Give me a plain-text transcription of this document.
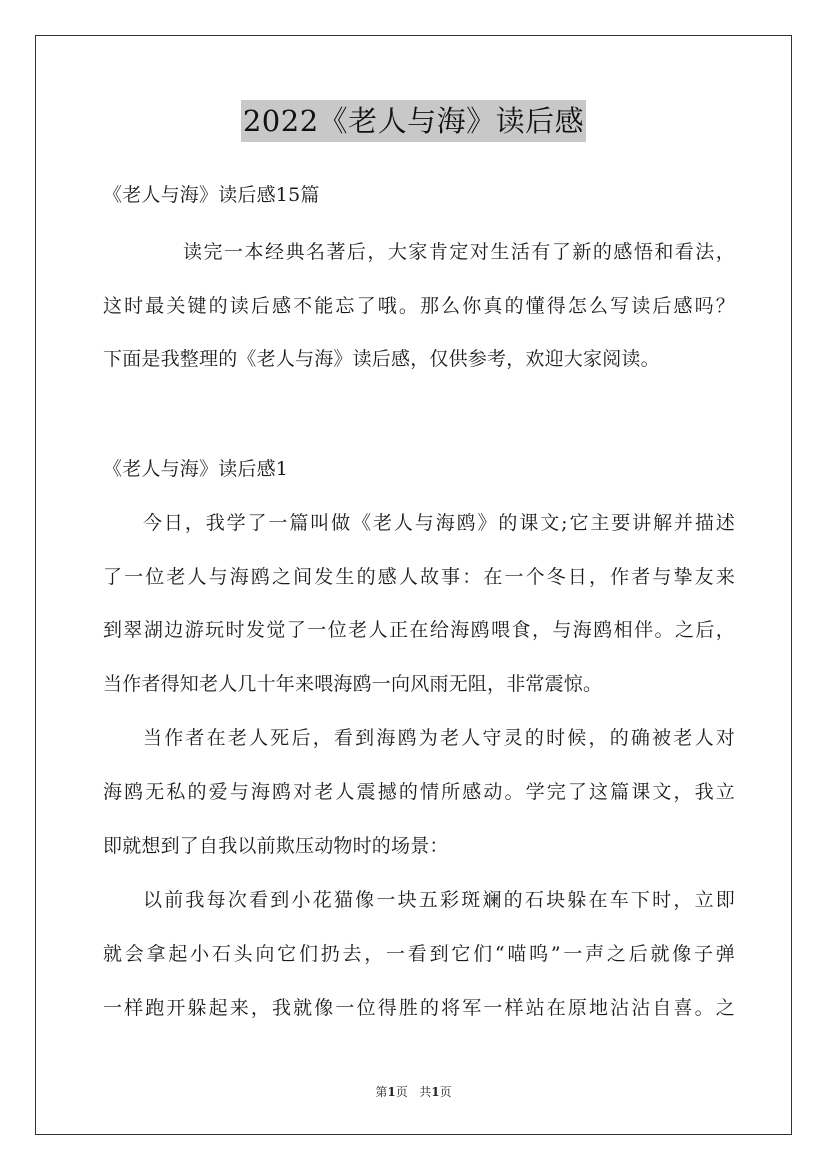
2022《老人与海》读后感
《老人与海》读后感15篇
读完一本经典名著后，大家肯定对生活有了新的感悟和看法，
这时最关键的读后感不能忘了哦。那么你真的懂得怎么写读后感吗？
下面是我整理的《老人与海》读后感，仅供参考，欢迎大家阅读。
《老人与海》读后感1
今日，我学了一篇叫做《老人与海鸥》的课文;它主要讲解并描述
了一位老人与海鸥之间发生的感人故事：在一个冬日，作者与挚友来
到翠湖边游玩时发觉了一位老人正在给海鸥喂食，与海鸥相伴。之后，
当作者得知老人几十年来喂海鸥一向风雨无阻，非常震惊。
当作者在老人死后，看到海鸥为老人守灵的时候，的确被老人对
海鸥无私的爱与海鸥对老人震撼的情所感动。学完了这篇课文，我立
即就想到了自我以前欺压动物时的场景：
以前我每次看到小花猫像一块五彩斑斓的石块躲在车下时，立即
就会拿起小石头向它们扔去，一看到它们“喵呜”一声之后就像子弹
一样跑开躲起来，我就像一位得胜的将军一样站在原地沾沾自喜。之
第1页 共1页
